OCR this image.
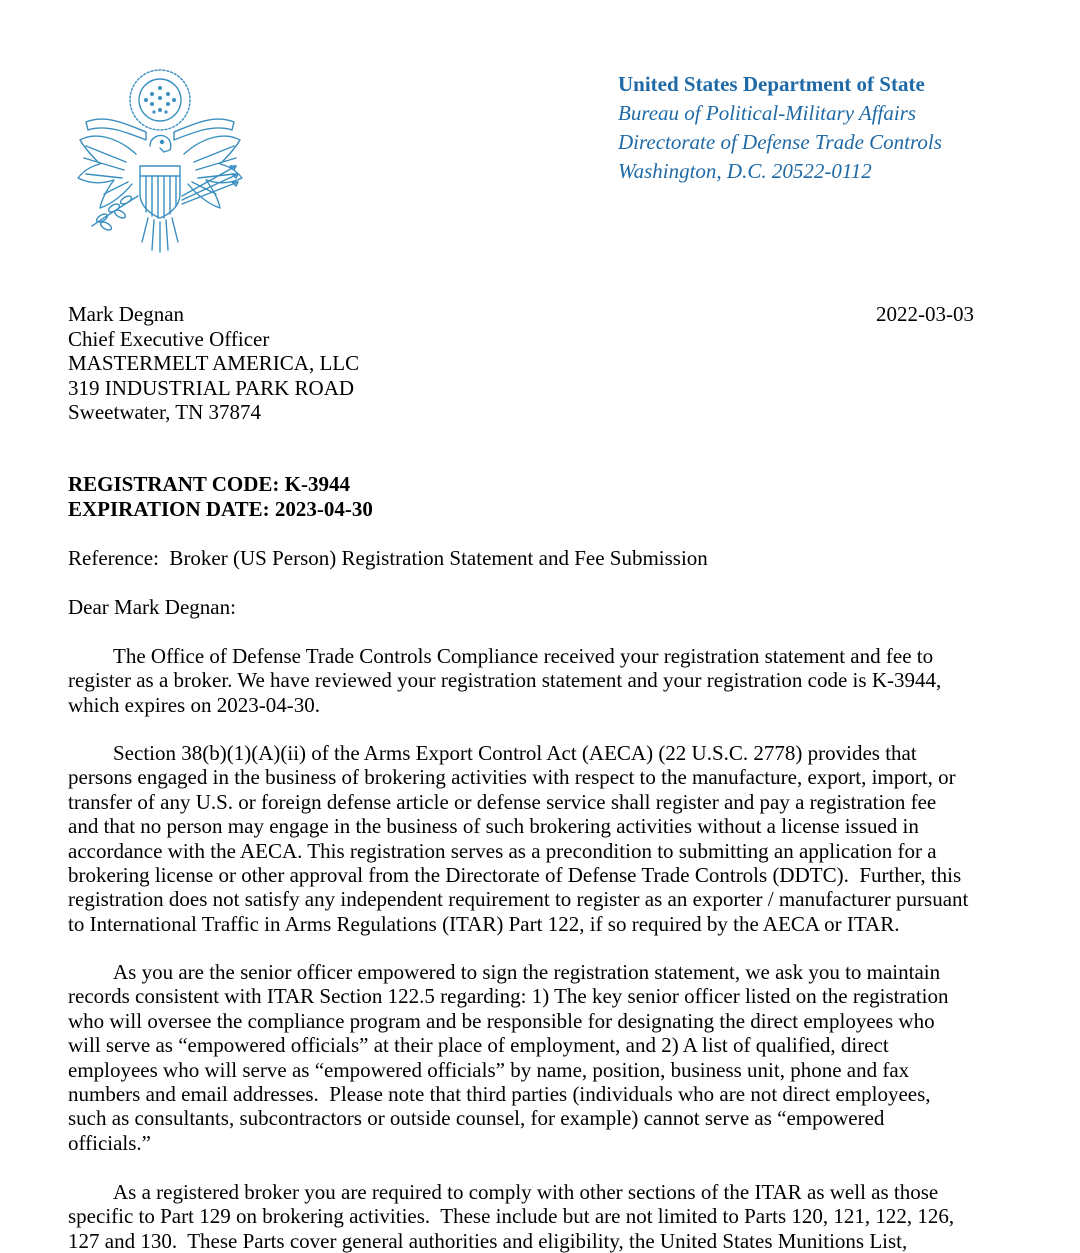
United States Department of State
Bureau of Political-Military Affairs
Directorate of Defense Trade Controls
Washington, D.C. 20522-0112
2022-03-03
Mark Degnan
Chief Executive Officer
MASTERMELT AMERICA, LLC
319 INDUSTRIAL PARK ROAD
Sweetwater, TN 37874
REGISTRANT CODE: K-3944
EXPIRATION DATE: 2023-04-30
Reference:  Broker (US Person) Registration Statement and Fee Submission
Dear Mark Degnan:
The Office of Defense Trade Controls Compliance received your registration statement and fee to
register as a broker. We have reviewed your registration statement and your registration code is K-3944,
which expires on 2023-04-30.
Section 38(b)(1)(A)(ii) of the Arms Export Control Act (AECA) (22 U.S.C. 2778) provides that
persons engaged in the business of brokering activities with respect to the manufacture, export, import, or
transfer of any U.S. or foreign defense article or defense service shall register and pay a registration fee
and that no person may engage in the business of such brokering activities without a license issued in
accordance with the AECA. This registration serves as a precondition to submitting an application for a
brokering license or other approval from the Directorate of Defense Trade Controls (DDTC).  Further, this
registration does not satisfy any independent requirement to register as an exporter / manufacturer pursuant
to International Traffic in Arms Regulations (ITAR) Part 122, if so required by the AECA or ITAR.
As you are the senior officer empowered to sign the registration statement, we ask you to maintain
records consistent with ITAR Section 122.5 regarding: 1) The key senior officer listed on the registration
who will oversee the compliance program and be responsible for designating the direct employees who
will serve as “empowered officials” at their place of employment, and 2) A list of qualified, direct
employees who will serve as “empowered officials” by name, position, business unit, phone and fax
numbers and email addresses.  Please note that third parties (individuals who are not direct employees,
such as consultants, subcontractors or outside counsel, for example) cannot serve as “empowered
officials.”
As a registered broker you are required to comply with other sections of the ITAR as well as those
specific to Part 129 on brokering activities.  These include but are not limited to Parts 120, 121, 122, 126,
127 and 130.  These Parts cover general authorities and eligibility, the United States Munitions List,
